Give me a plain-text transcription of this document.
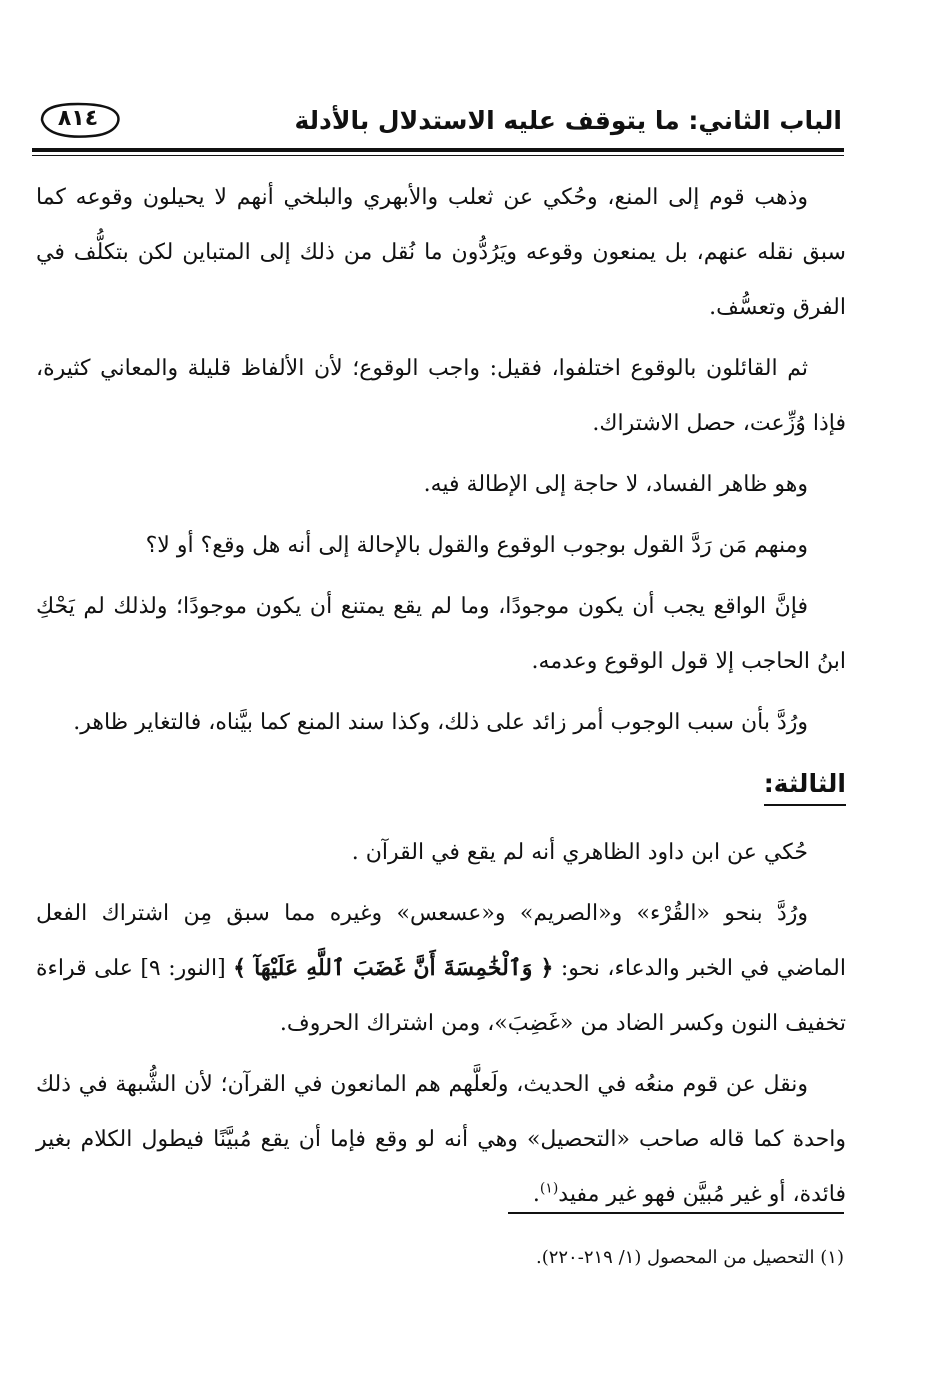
الباب الثاني: ما يتوقف عليه الاستدلال بالأدلة
٨١٤

وذهب قوم إلى المنع، وحُكي عن ثعلب والأبهري والبلخي أنهم لا يحيلون وقوعه كما سبق نقله عنهم، بل يمنعون وقوعه ويَرُدُّون ما نُقل من ذلك إلى المتباين لكن بتكلُّف في الفرق وتعسُّف.

ثم القائلون بالوقوع اختلفوا، فقيل: واجب الوقوع؛ لأن الألفاظ قليلة والمعاني كثيرة، فإذا وُزِّعت، حصل الاشتراك.

وهو ظاهر الفساد، لا حاجة إلى الإطالة فيه.

ومنهم مَن رَدَّ القول بوجوب الوقوع والقول بالإحالة إلى أنه هل وقع؟ أو لا؟

فإنَّ الواقع يجب أن يكون موجودًا، وما لم يقع يمتنع أن يكون موجودًا؛ ولذلك لم يَحْكِ ابنُ الحاجب إلا قول الوقوع وعدمه.

ورُدَّ بأن سبب الوجوب أمر زائد على ذلك، وكذا سند المنع كما بيَّناه، فالتغاير ظاهر.

الثالثة:

حُكي عن ابن داود الظاهري أنه لم يقع في القرآن .

ورُدَّ بنحو «القُرْء» و«الصريم» و«عسعس» وغيره مما سبق مِن اشتراك الفعل الماضي في الخبر والدعاء، نحو: ﴿ وَٱلْخَٰمِسَةَ أَنَّ غَضَبَ ٱللَّهِ عَلَيْهَآ ﴾ [النور: ٩] على قراءة تخفيف النون وكسر الضاد من «غَضِبَ»، ومن اشتراك الحروف.

ونقل عن قوم منعُه في الحديث، ولَعلَّهم هم المانعون في القرآن؛ لأن الشُّبهة في ذلك واحدة كما قاله صاحب «التحصيل» وهي أنه لو وقع فإما أن يقع مُبيَّنًا فيطول الكلام بغير فائدة، أو غير مُبيَّن فهو غير مفيد$^{(١)}$.

(١) التحصيل من المحصول (١/ ٢١٩-٢٢٠).
